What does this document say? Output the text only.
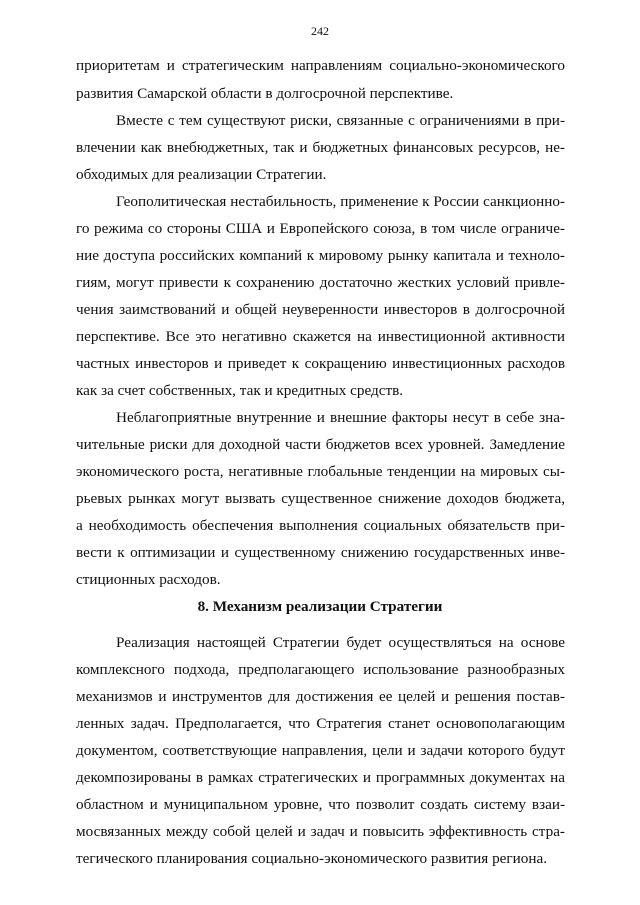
242
приоритетам и стратегическим направлениям социально-экономического
развития Самарской области в долгосрочной перспективе.
Вместе с тем существуют риски, связанные с ограничениями в при-
влечении как внебюджетных, так и бюджетных финансовых ресурсов, не-
обходимых для реализации Стратегии.
Геополитическая нестабильность, применение к России санкционно-
го режима со стороны США и Европейского союза, в том числе ограниче-
ние доступа российских компаний к мировому рынку капитала и техноло-
гиям, могут привести к сохранению достаточно жестких условий привле-
чения заимствований и общей неуверенности инвесторов в долгосрочной
перспективе. Все это негативно скажется на инвестиционной активности
частных инвесторов и приведет к сокращению инвестиционных расходов
как за счет собственных, так и кредитных средств.
Неблагоприятные внутренние и внешние факторы несут в себе зна-
чительные риски для доходной части бюджетов всех уровней. Замедление
экономического роста, негативные глобальные тенденции на мировых сы-
рьевых рынках могут вызвать существенное снижение доходов бюджета,
а необходимость обеспечения выполнения социальных обязательств при-
вести к оптимизации и существенному снижению государственных инве-
стиционных расходов.
8. Механизм реализации Стратегии
Реализация настоящей Стратегии будет осуществляться на основе
комплексного подхода, предполагающего использование разнообразных
механизмов и инструментов для достижения ее целей и решения постав-
ленных задач. Предполагается, что Стратегия станет основополагающим
документом, соответствующие направления, цели и задачи которого будут
декомпозированы в рамках стратегических и программных документах на
областном и муниципальном уровне, что позволит создать систему взаи-
мосвязанных между собой целей и задач и повысить эффективность стра-
тегического планирования социально-экономического развития региона.
